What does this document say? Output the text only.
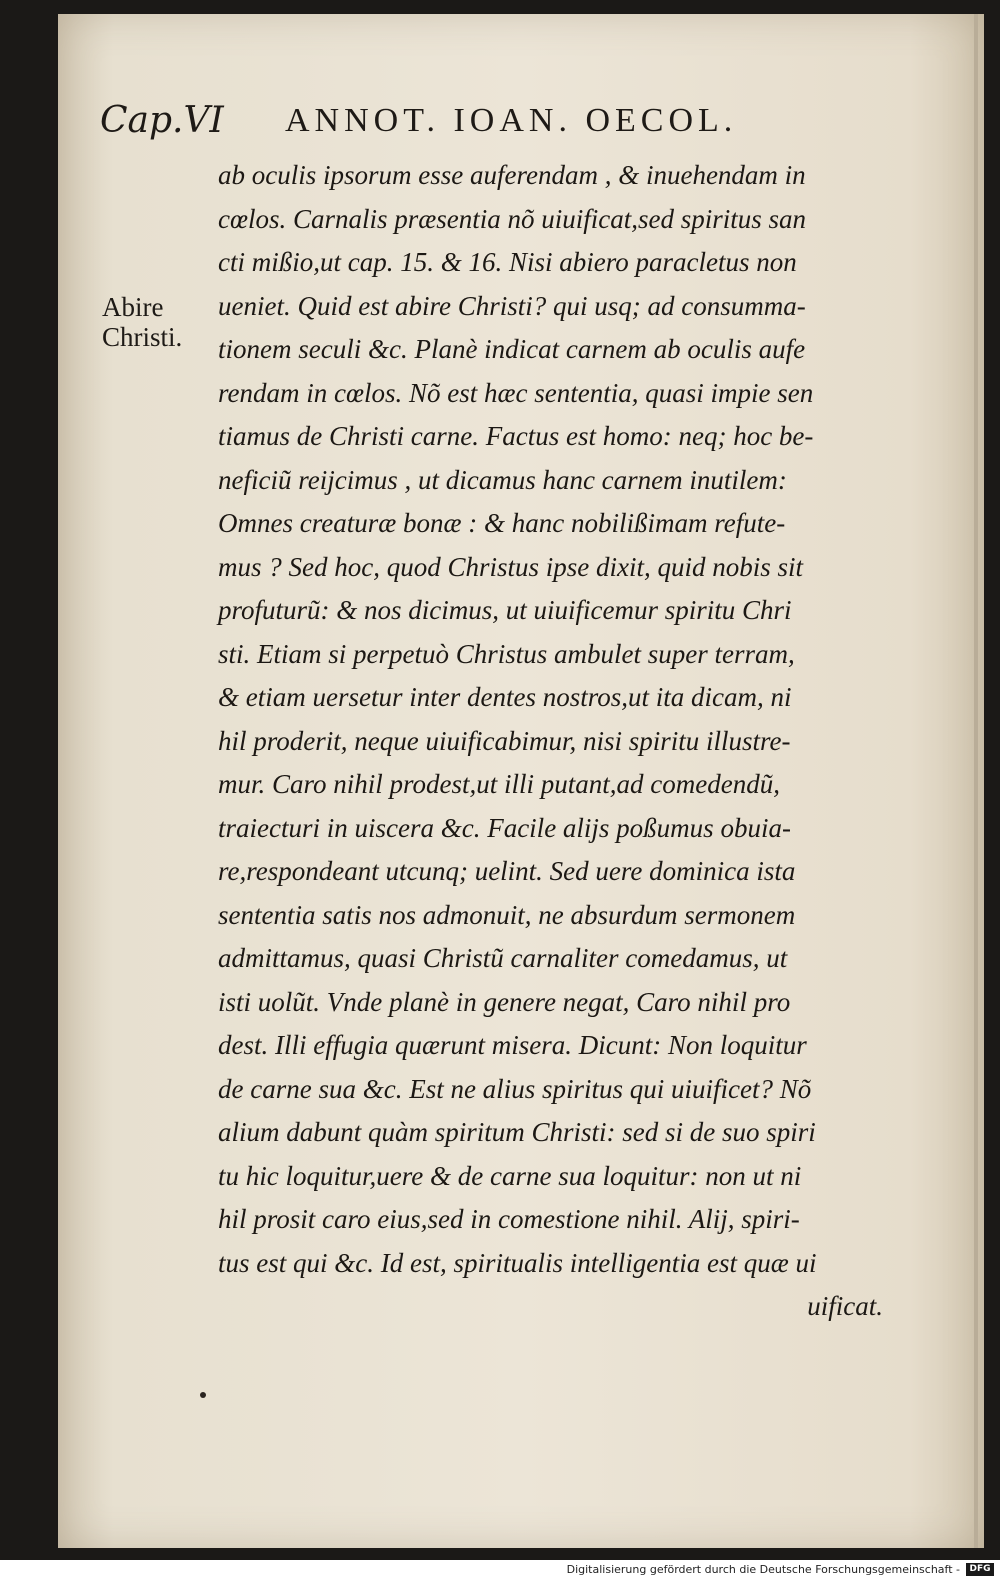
Cap.VI ANNOT. IOAN. OECOL.
Abire
Christi.
ab oculis ipsorum esse auferendam , & inuehendam in
cœlos. Carnalis præsentia nõ uiuificat,sed spiritus san
cti mißio,ut cap. 15. & 16. Nisi abiero paracletus non
ueniet. Quid est abire Christi? qui usq; ad consumma-
tionem seculi &c. Planè indicat carnem ab oculis aufe
rendam in cœlos. Nõ est hæc sententia, quasi impie sen
tiamus de Christi carne. Factus est homo: neq; hoc be-
neficiũ reijcimus , ut dicamus hanc carnem inutilem:
Omnes creaturæ bonæ : & hanc nobilißimam refute-
mus ? Sed hoc, quod Christus ipse dixit, quid nobis sit
profuturũ: & nos dicimus, ut uiuificemur spiritu Chri
sti. Etiam si perpetuò Christus ambulet super terram,
& etiam uersetur inter dentes nostros,ut ita dicam, ni
hil proderit, neque uiuificabimur, nisi spiritu illustre-
mur. Caro nihil prodest,ut illi putant,ad comedendũ,
traiecturi in uiscera &c. Facile alijs poßumus obuia-
re,respondeant utcunq; uelint. Sed uere dominica ista
sententia satis nos admonuit, ne absurdum sermonem
admittamus, quasi Christũ carnaliter comedamus, ut
isti uolũt. Vnde planè in genere negat, Caro nihil pro
dest. Illi effugia quærunt misera. Dicunt: Non loquitur
de carne sua &c. Est ne alius spiritus qui uiuificet? Nõ
alium dabunt quàm spiritum Christi: sed si de suo spiri
tu hic loquitur,uere & de carne sua loquitur: non ut ni
hil prosit caro eius,sed in comestione nihil. Alij, spiri-
tus est qui &c. Id est, spiritualis intelligentia est quæ ui
uificat.
Digitalisierung gefördert durch die Deutsche Forschungsgemeinschaft -	DFG
